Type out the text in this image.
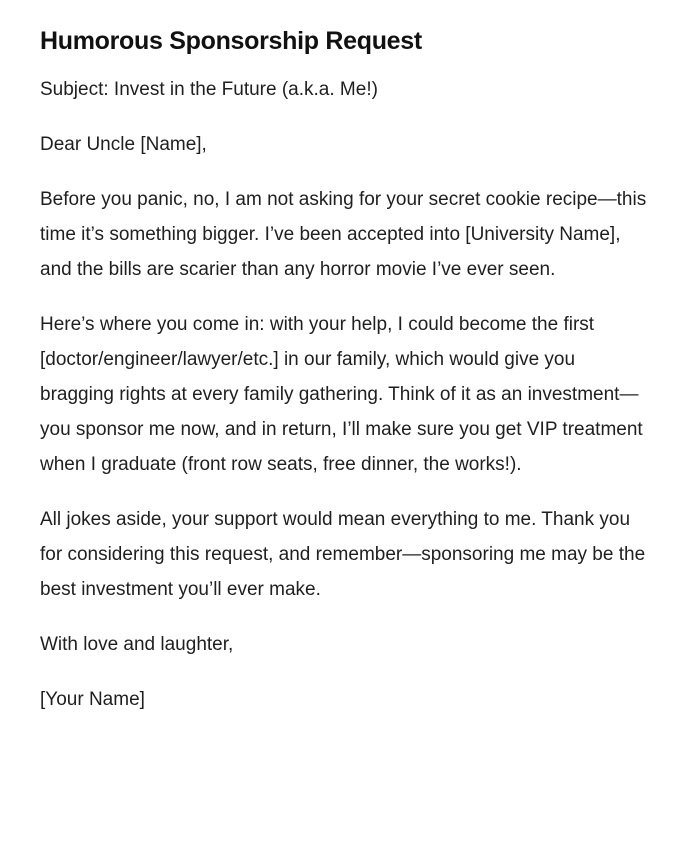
Humorous Sponsorship Request

Subject: Invest in the Future (a.k.a. Me!)

Dear Uncle [Name],

Before you panic, no, I am not asking for your secret cookie recipe—this time it’s something bigger. I’ve been accepted into [University Name], and the bills are scarier than any horror movie I’ve ever seen.

Here’s where you come in: with your help, I could become the first [doctor/engineer/lawyer/etc.] in our family, which would give you bragging rights at every family gathering. Think of it as an investment—you sponsor me now, and in return, I’ll make sure you get VIP treatment when I graduate (front row seats, free dinner, the works!).

All jokes aside, your support would mean everything to me. Thank you for considering this request, and remember—sponsoring me may be the best investment you’ll ever make.

With love and laughter,

[Your Name]
